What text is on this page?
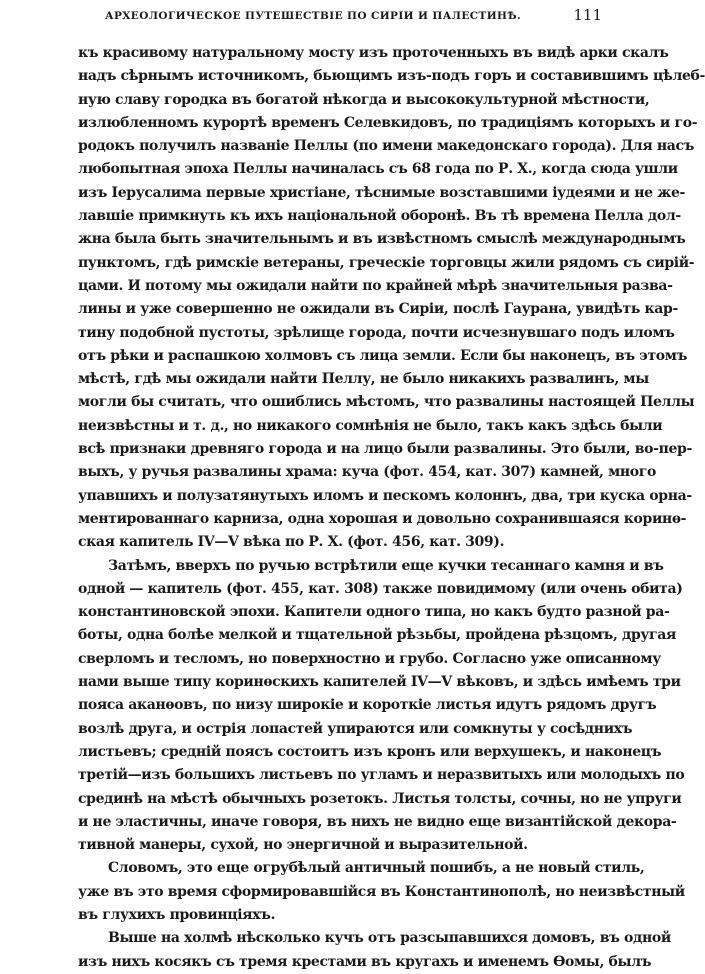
АРХЕОЛОГИЧЕСКОЕ ПУТЕШЕСТВІЕ ПО СИРІИ И ПАЛЕСТИНѢ.	111
къ красивому натуральному мосту изъ проточенныхъ въ видѣ арки скалъ
надъ сѣрнымъ источникомъ, бьющимъ изъ-подъ горъ и составившимъ цѣлеб-
ную славу городка въ богатой нѣкогда и высококультурной мѣстности,
излюбленномъ курортѣ временъ Селевкидовъ, по традиціямъ которыхъ и го-
родокъ получилъ названіе Пеллы (по имени македонскаго города). Для насъ
любопытная эпоха Пеллы начиналась съ 68 года по Р. Х., когда сюда ушли
изъ Іерусалима первые христіане, тѣснимые возставшими іудеями и не же-
лавшіе примкнуть къ ихъ національной оборонѣ. Въ тѣ времена Пелла дол-
жна была быть значительнымъ и въ извѣстномъ смыслѣ международнымъ
пунктомъ, гдѣ римскіе ветераны, греческіе торговцы жили рядомъ съ сирій-
цами. И потому мы ожидали найти по крайней мѣрѣ значительныя разва-
лины и уже совершенно не ожидали въ Сиріи, послѣ Гаурана, увидѣть кар-
тину подобной пустоты, зрѣлище города, почти исчезнувшаго подъ иломъ
отъ рѣки и распашкою холмовъ съ лица земли. Если бы наконецъ, въ этомъ
мѣстѣ, гдѣ мы ожидали найти Пеллу, не было никакихъ развалинъ, мы
могли бы считать, что ошиблись мѣстомъ, что развалины настоящей Пеллы
неизвѣстны и т. д., но никакого сомнѣнія не было, такъ какъ здѣсь были
всѣ признаки древняго города и на лицо были развалины. Это были, во-пер-
выхъ, у ручья развалины храма: куча (фот. 454, кат. 307) камней, много
упавшихъ и полузатянутыхъ иломъ и пескомъ колоннъ, два, три куска орна-
ментированнаго карниза, одна хорошая и довольно сохранившаяся коринѳ-
ская капитель IV—V вѣка по Р. Х. (фот. 456, кат. 309).
Затѣмъ, вверхъ по ручью встрѣтили еще кучки тесаннаго камня и въ
одной — капитель (фот. 455, кат. 308) также повидимому (или очень обита)
константиновской эпохи. Капители одного типа, но какъ будто разной ра-
боты, одна болѣе мелкой и тщательной рѣзьбы, пройдена рѣзцомъ, другая
сверломъ и тесломъ, но поверхностно и грубо. Согласно уже описанному
нами выше типу коринѳскихъ капителей IV—V вѣковъ, и здѣсь имѣемъ три
пояса аканѳовъ, по низу широкіе и короткіе листья идутъ рядомъ другъ
возлѣ друга, и острія лопастей упираются или сомкнуты у сосѣднихъ
листьевъ; средній поясъ состоитъ изъ кронъ или верхушекъ, и наконецъ
третій—изъ большихъ листьевъ по угламъ и неразвитыхъ или молодыхъ по
срединѣ на мѣстѣ обычныхъ розетокъ. Листья толсты, сочны, но не упруги
и не эластичны, иначе говоря, въ нихъ не видно еще византійской декора-
тивной манеры, сухой, но энергичной и выразительной.
Словомъ, это еще огрубѣлый античный пошибъ, а не новый стиль,
уже въ это время сформировавшійся въ Константинополѣ, но неизвѣстный
въ глухихъ провинціяхъ.
Выше на холмѣ нѣсколько кучъ отъ разсыпавшихся домовъ, въ одной
изъ нихъ косякъ съ тремя крестами въ кругахъ и именемъ Ѳомы, былъ
